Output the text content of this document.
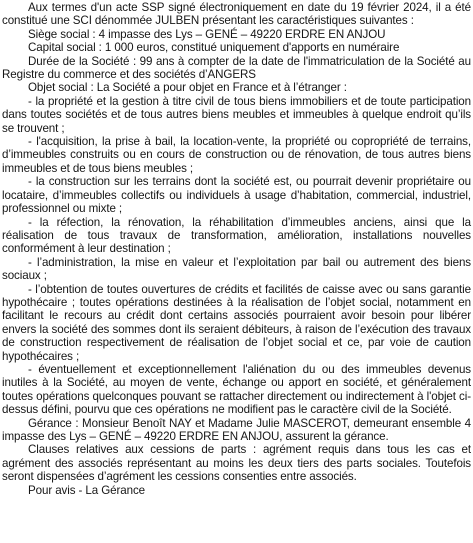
Aux termes d'un acte SSP signé électroniquement en date du 19 février 2024, il a été constitué une SCI dénommée JULBEN présentant les caractéristiques suivantes :

Siège social : 4 impasse des Lys – GENÉ – 49220 ERDRE EN ANJOU

Capital social : 1 000 euros, constitué uniquement d'apports en numéraire

Durée de la Société : 99 ans à compter de la date de l'immatriculation de la Société au Registre du commerce et des sociétés d’ANGERS

Objet social : La Société a pour objet en France et à l’étranger :

- la propriété et la gestion à titre civil de tous biens immobiliers et de toute participation dans toutes sociétés et de tous autres biens meubles et immeubles à quelque endroit qu’ils se trouvent ;

- l'acquisition, la prise à bail, la location-vente, la propriété ou copropriété de terrains, d’immeubles construits ou en cours de construction ou de rénovation, de tous autres biens immeubles et de tous biens meubles ;

- la construction sur les terrains dont la société est, ou pourrait devenir propriétaire ou locataire, d’immeubles collectifs ou individuels à usage d’habitation, commercial, industriel, professionnel ou mixte ;

- la réfection, la rénovation, la réhabilitation d’immeubles anciens, ainsi que la réalisation de tous travaux de transformation, amélioration, installations nouvelles conformément à leur destination ;

- l’administration, la mise en valeur et l’exploitation par bail ou autrement des biens sociaux ;

- l’obtention de toutes ouvertures de crédits et facilités de caisse avec ou sans garantie hypothécaire ; toutes opérations destinées à la réalisation de l’objet social, notamment en facilitant le recours au crédit dont certains associés pourraient avoir besoin pour libérer envers la société des sommes dont ils seraient débiteurs, à raison de l’exécution des travaux de construction respectivement de réalisation de l’objet social et ce, par voie de caution hypothécaires ;

- éventuellement et exceptionnellement l'aliénation du ou des immeubles devenus inutiles à la Société, au moyen de vente, échange ou apport en société, et généralement toutes opérations quelconques pouvant se rattacher directement ou indirectement à l'objet ci-dessus défini, pourvu que ces opérations ne modifient pas le caractère civil de la Société.

Gérance : Monsieur Benoît NAY et Madame Julie MASCEROT, demeurant ensemble 4 impasse des Lys – GENÉ – 49220 ERDRE EN ANJOU, assurent la gérance.

Clauses relatives aux cessions de parts : agrément requis dans tous les cas et agrément des associés représentant au moins les deux tiers des parts sociales. Toutefois seront dispensées d’agrément les cessions consenties entre associés.

Pour avis - La Gérance
